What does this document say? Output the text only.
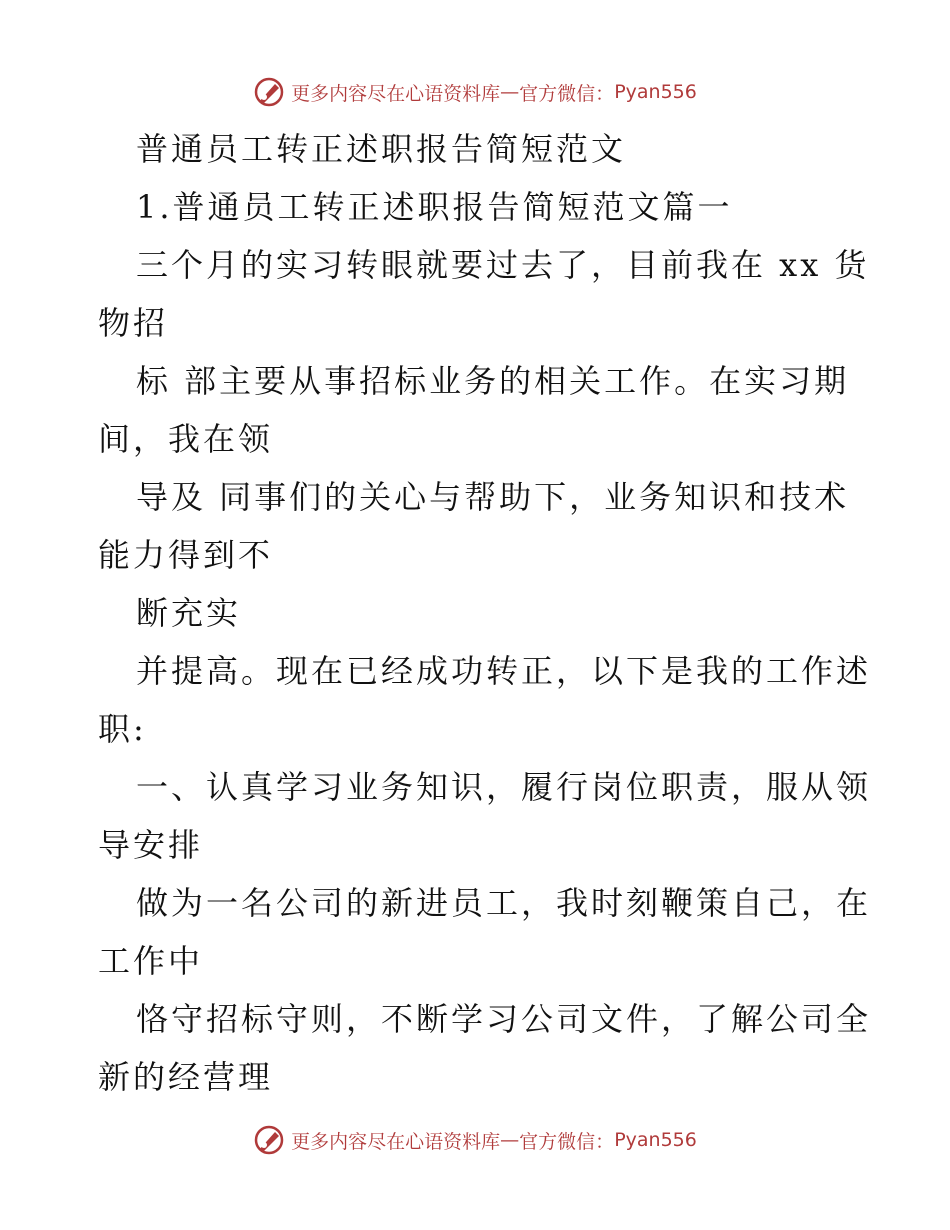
更多内容尽在心语资料库 — 官方微信： Pyan556
普通员工转正述职报告简短范文
1.普通员工转正述职报告简短范文篇一
三个月的实习转眼就要过去了，目前我在 xx 货
物招
标 部主要从事招标业务的相关工作。在实习期
间，我在领
导及 同事们的关心与帮助下，业务知识和技术
能力得到不
断充实
并提高。现在已经成功转正，以下是我的工作述
职:
一、认真学习业务知识，履行岗位职责，服从领
导安排
做为一名公司的新进员工，我时刻鞭策自己，在
工作中
恪守招标守则，不断学习公司文件，了解公司全
新的经营理
更多内容尽在心语资料库 — 官方微信： Pyan556
